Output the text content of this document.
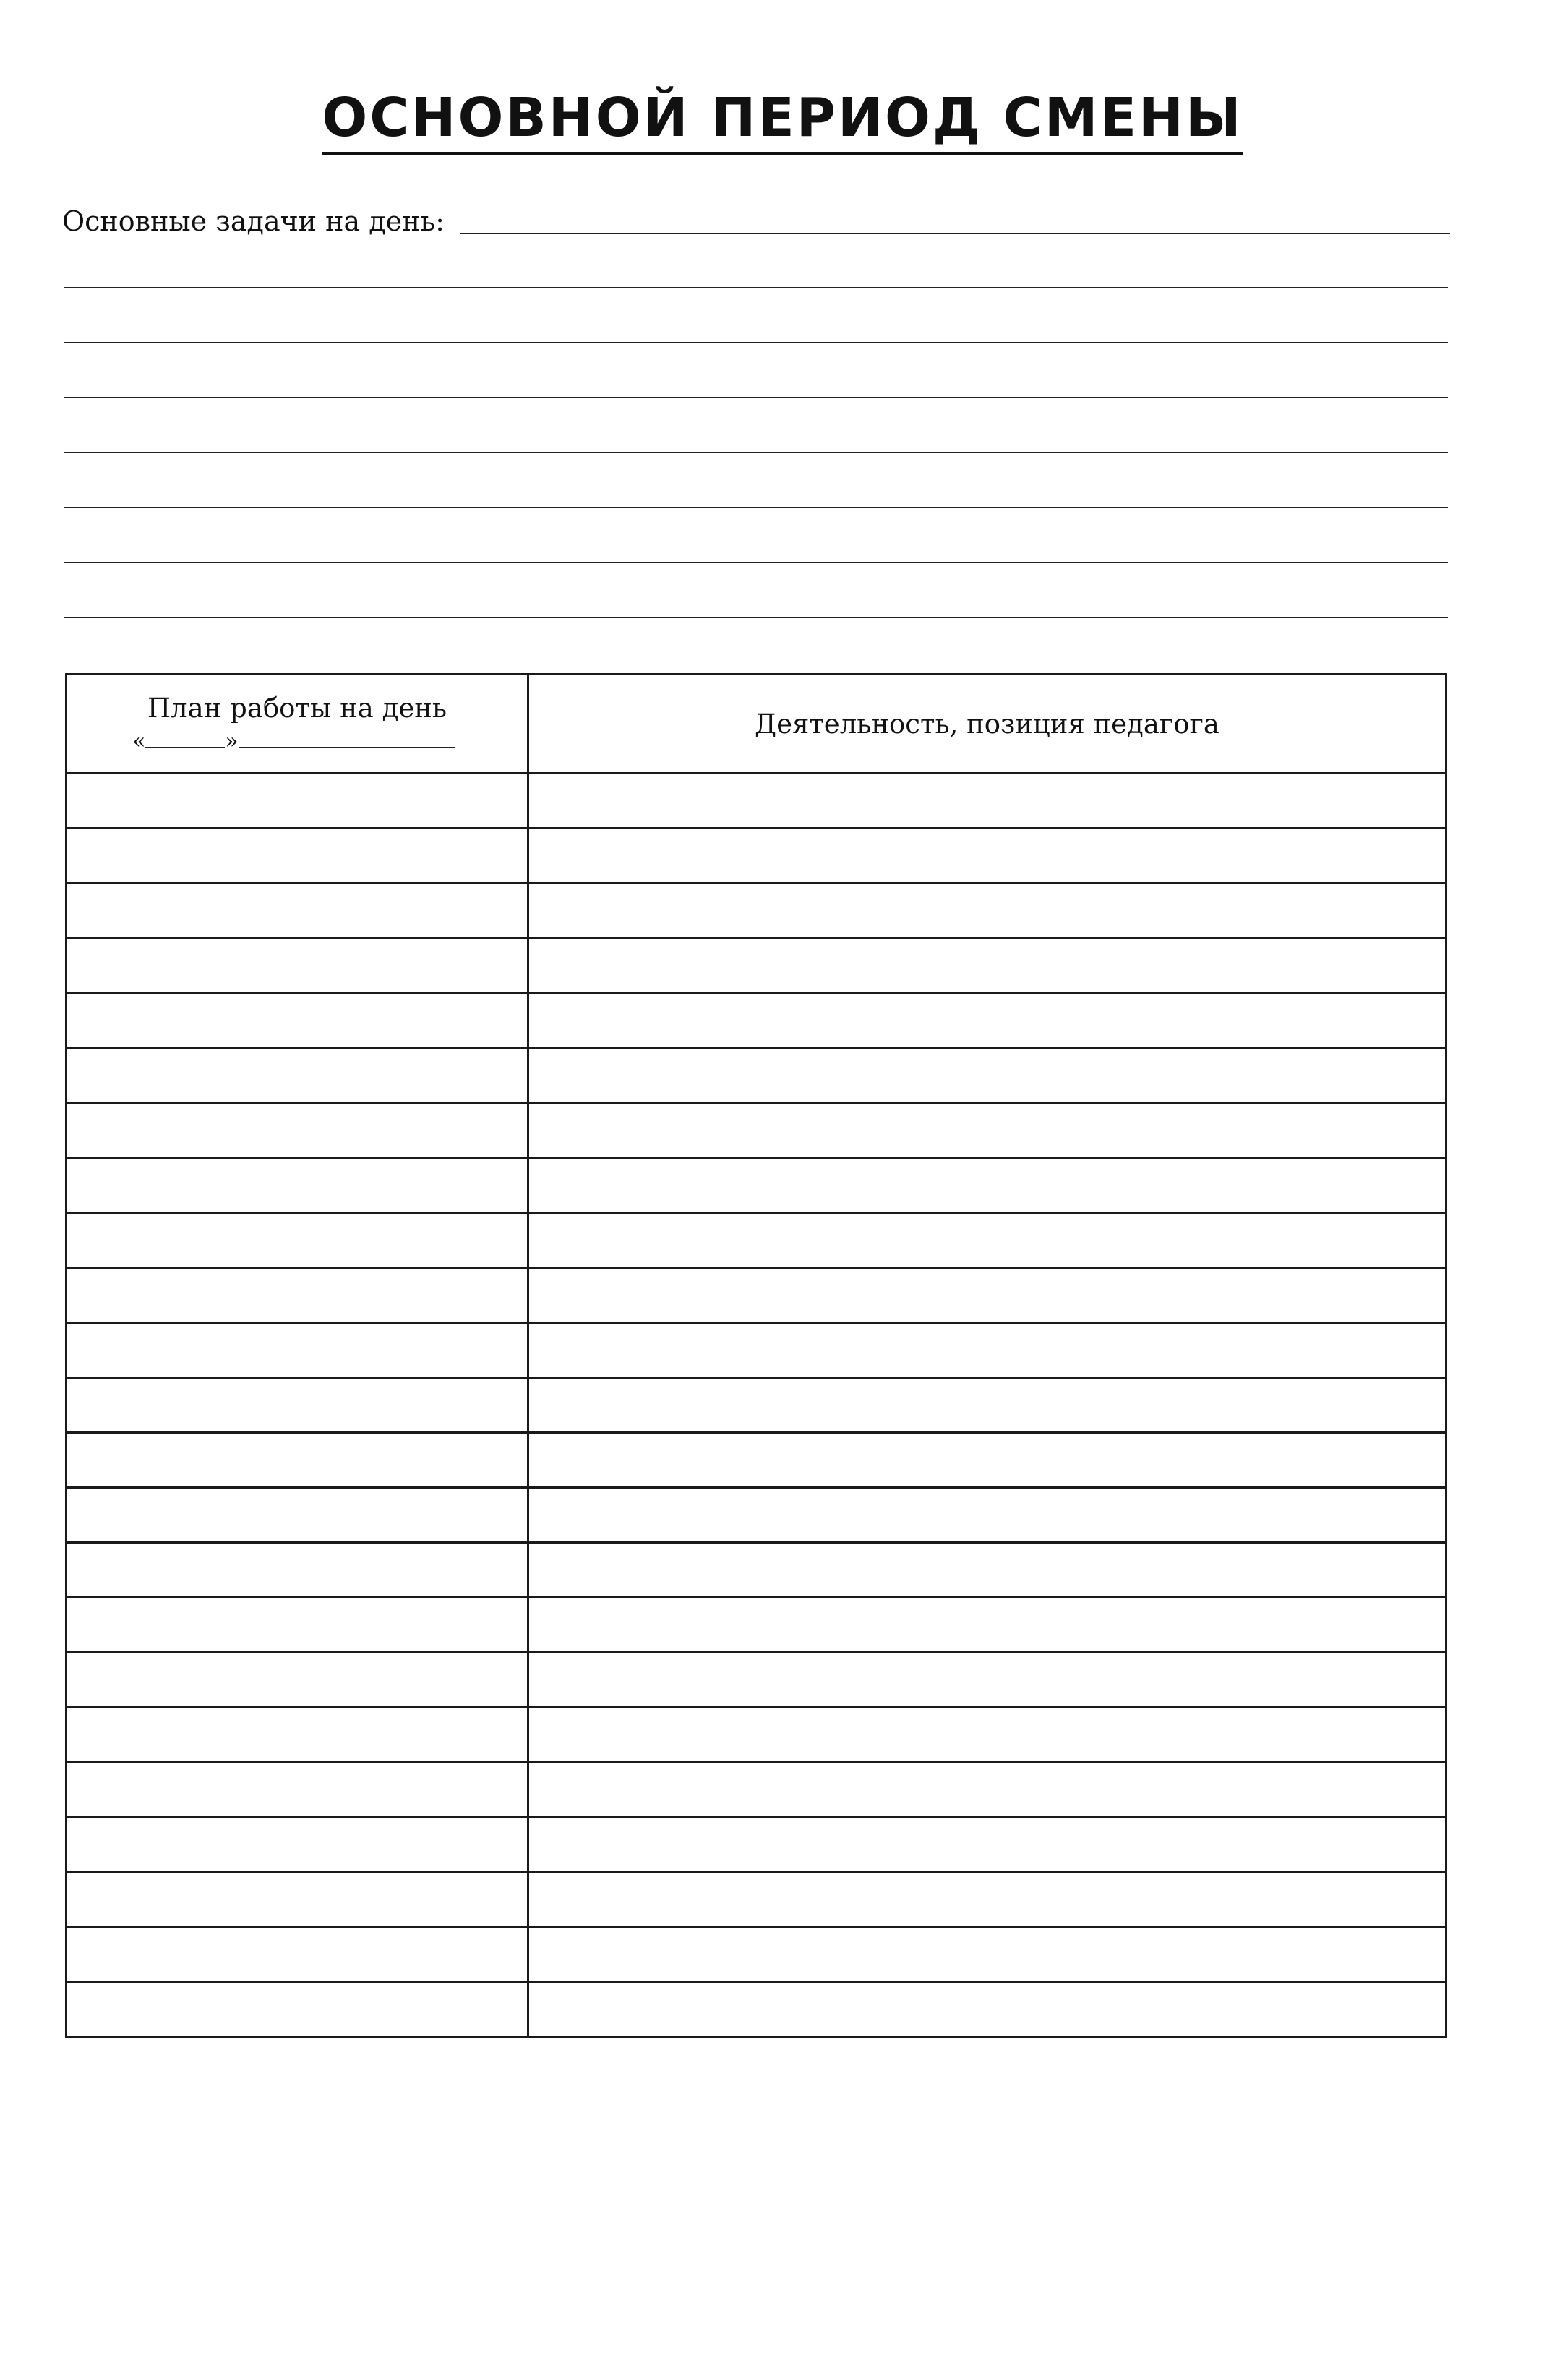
ОСНОВНОЙ ПЕРИОД СМЕНЫ
Основные задачи на день:
План работы на день
« »	Деятельность, позиция педагога
